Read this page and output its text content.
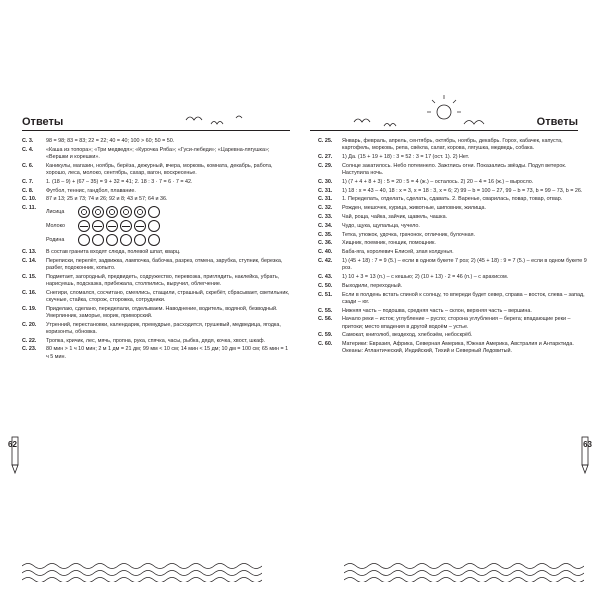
Ответы
С. 3.	98 = 98; 83 = 83; 22 = 22; 40 = 40; 100 > 60; 50 = 50.
С. 4.	«Каша из топора»; «Три медведя»; «Курочка Ряба»; «Гуси-лебеди»; «Царевна-лягушка»; «Вершки и корешки».
С. 6.	Каникулы, магазин, ноябрь, берёза, дежурный, вчера, морковь, комната, декабрь, работа, хорошо, леса, молоко, сентябрь, сахар, вагон, воскресенье.
С. 7.	1. (18 – 9) + (67 – 35) = 9 + 32 = 41; 2. 18 : 3 · 7 = 6 · 7 = 42.
С. 8.	Футбол, теннис, гандбол, плавание.
С. 10.	87 и 13; 25 и 73; 74 и 26; 92 и 8; 43 и 57; 64 и 36.
С. 11.
Лисица
Молоко
Родина
С. 13.	В состав гранита входят слюда, полевой шпат, кварц.
С. 14.	Переписки, перелёт, задвижка, лампочка, бабочка, разрез, отмена, зарубка, ступник, березка, разбег, подоконник, копыто.
С. 15.	Подметает, загородный, предвидеть, содружество, перевозка, приглядить, наклейка, убрать, нарисуешь, подсказка, прибежала, столпились, выручил, облегчение.
С. 16.	Снегири, сломался, сосчитано, смеялись, стащили, страшный, скребёт, сбрасывает, светильник, скучные, стайка, сторож, сторожка, сотрудники.
С. 19.	Приделаю, сделано, переделали, отделываем. Наводнение, водитель, водяной, безводный. Умерлинник, заморье, морик, приморский.
С. 20.	Утренний, перестановки, календарик, премудрые, расходится, грушевый, медведица, ягодка, коризонты, обновка.
С. 22.	Тропка, кричик, лес, мячь, пропна, рука, спячка, часы, рыбка, дядя, кочка, хвост, шкаф.
С. 23.	80 мин > 1 ч 10 мин; 2 м 1 дм = 21 дм; 99 мм < 10 см; 14 мин < 15 дм; 10 дм = 100 см; 65 мин = 1 ч 5 мин.
62
Ответы
С. 25.	Январь, февраль, апрель, сентябрь, октябрь, ноябрь, декабрь. Горох, кабачек, капуста, картофель, морковь, репа, свёкла, салат, корова, лягушка, медведь, собака.
С. 27.	1) Да. (15 + 19 + 18) : 3 = 52 : 3 = 17 (ост. 1). 2) Нет.
С. 29.	Солнце закатилось. Небо потемнело. Зажглись огни. Показались звёзды. Подул ветерок. Наступила ночь.
С. 30.	1) (7 + 4 + 8 + 3) : 5 = 20 : 5 = 4 (ж.) – осталось. 2) 20 – 4 = 16 (ж.) – выросло.
С. 31.	1) 18 : x = 43 – 40, 18 : x = 3, x = 18 : 3, x = 6; 2) 99 – b = 100 – 27, 99 – b = 73, b = 99 – 73, b = 26.
С. 31.	1. Переделать, отделать, сделать, сдавать. 2. Варенье, сварилась, повар, товар, отвар.
С. 32.	Рожден, мешочек, курица, животные, шиповник, жилища.
С. 33.	Чай, роща, чайка, зайчик, щавель, чашка.
С. 34.	Чудо, щука, щупальца, чучело.
С. 35.	Тетка, утюжок, удочка, грачонок, отличник, булочная.
С. 36.	Хищник, поемник, гонщик, помощник.
С. 40.	Баба-яга, королевич Елисей, злая колдунья.
С. 42.	1) (45 + 18) : 7 = 9 (5.) – если в одном букете 7 роз; 2) (45 + 18) : 9 = 7 (5.) – если в одном букете 9 роз.
С. 43.	1) 10 + 3 = 13 (п.) – с кешью; 2) (10 + 13) · 2 = 46 (п.) – с арахисом.
С. 50.	Выходили, переходный.
С. 51.	Если в полдень встать спиной к солнцу, то впереди будет север, справа – восток, слева – запад, сзади – юг.
С. 55.	Нижняя часть – подошва, средняя часть – склон, верхняя часть – вершина.
С. 56.	Начало реки – исток; углубление – русло; сторона углубления – берега; впадающие реки – притоки; место впадения в другой водоём – устье.
С. 59.	Самокат, книголюб, вездеход, хлебозём, небоскрёб.
С. 60.	Материки: Евразия, Африка, Северная Америка, Южная Америка, Австралия и Антарктида. Океаны: Атлантический, Индийский, Тихий и Северный Ледовитый.
63
